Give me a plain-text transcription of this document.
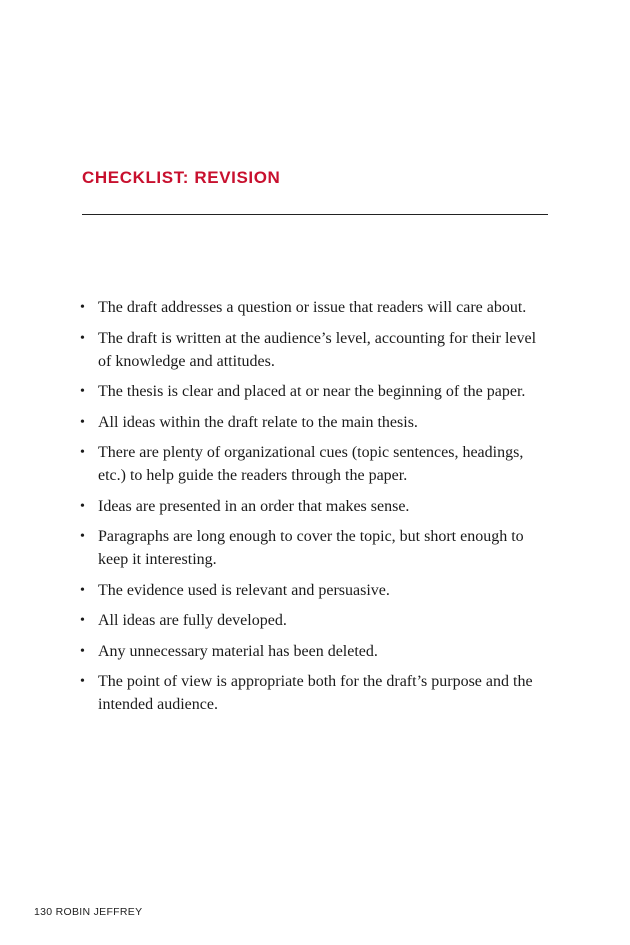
CHECKLIST: REVISION
• The draft addresses a question or issue that readers will care about.
• The draft is written at the audience’s level, accounting for their level of knowledge and attitudes.
• The thesis is clear and placed at or near the beginning of the paper.
• All ideas within the draft relate to the main thesis.
• There are plenty of organizational cues (topic sentences, headings, etc.) to help guide the readers through the paper.
• Ideas are presented in an order that makes sense.
• Paragraphs are long enough to cover the topic, but short enough to keep it interesting.
• The evidence used is relevant and persuasive.
• All ideas are fully developed.
• Any unnecessary material has been deleted.
• The point of view is appropriate both for the draft’s purpose and the intended audience.
130 ROBIN JEFFREY
